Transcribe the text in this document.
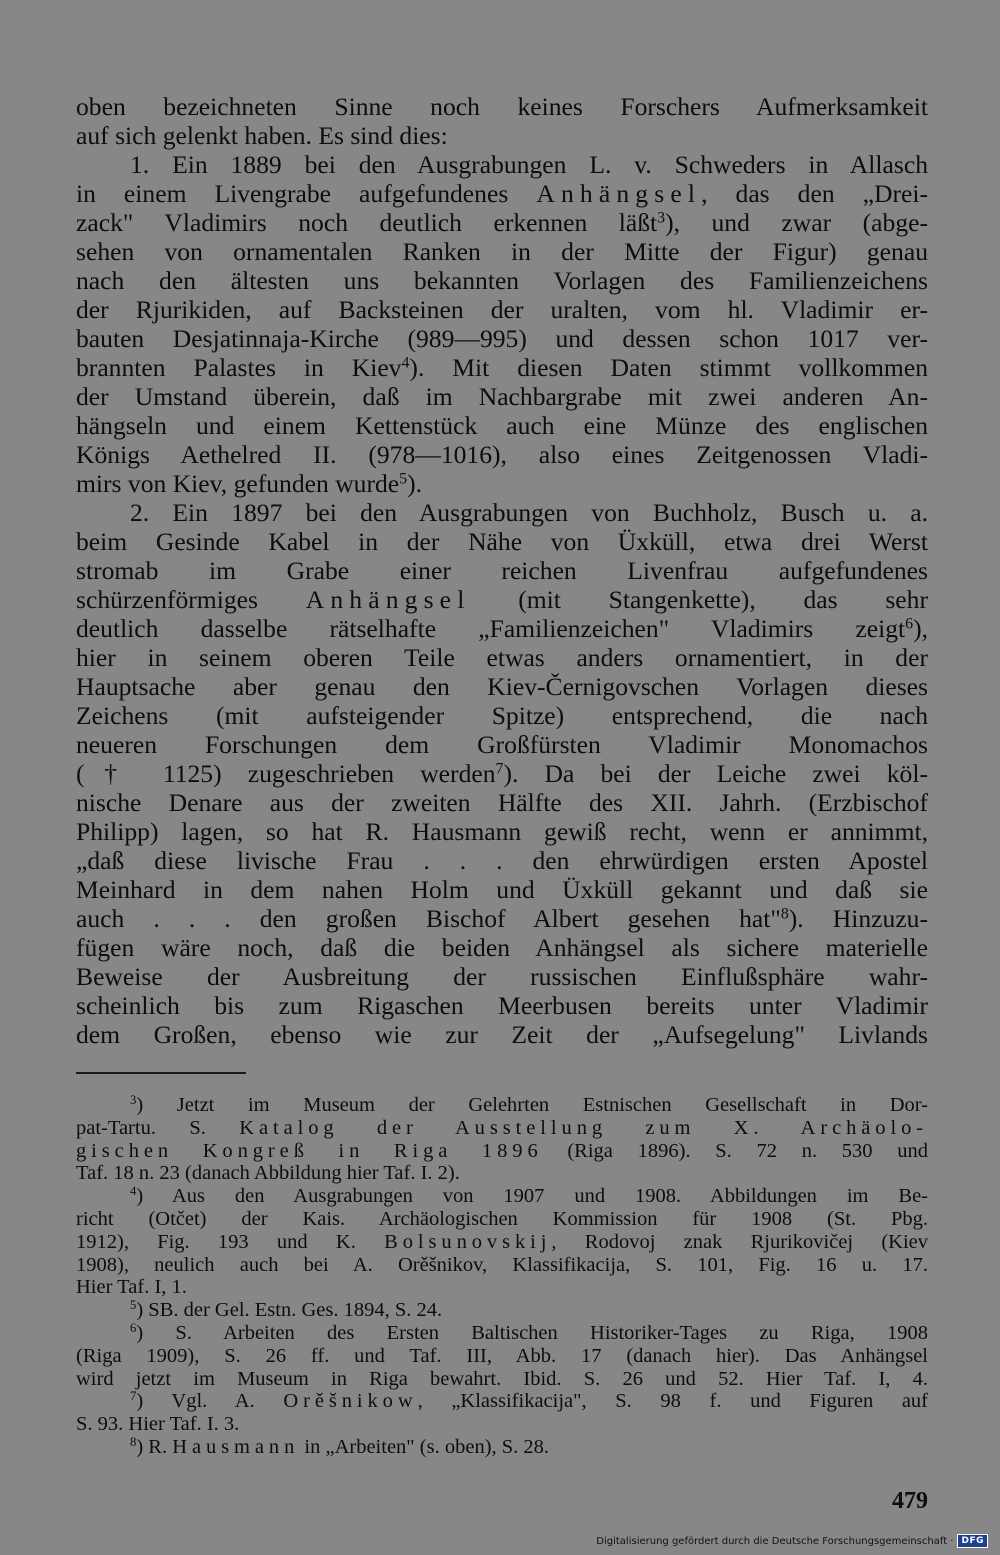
oben bezeichneten Sinne noch keines Forschers Aufmerksamkeit
auf sich gelenkt haben. Es sind dies:
1. Ein 1889 bei den Ausgrabungen L. v. Schweders in Allasch
in einem Livengrabe aufgefundenes Anhängsel, das den „Drei-
zack" Vladimirs noch deutlich erkennen läßt$^3$), und zwar (abge-
sehen von ornamentalen Ranken in der Mitte der Figur) genau
nach den ältesten uns bekannten Vorlagen des Familienzeichens
der Rjurikiden, auf Backsteinen der uralten, vom hl. Vladimir er-
bauten Desjatinnaja-Kirche (989—995) und dessen schon 1017 ver-
brannten Palastes in Kiev$^4$). Mit diesen Daten stimmt vollkommen
der Umstand überein, daß im Nachbargrabe mit zwei anderen An-
hängseln und einem Kettenstück auch eine Münze des englischen
Königs Aethelred II. (978—1016), also eines Zeitgenossen Vladi-
mirs von Kiev, gefunden wurde$^5$).
2. Ein 1897 bei den Ausgrabungen von Buchholz, Busch u. a.
beim Gesinde Kabel in der Nähe von Üxküll, etwa drei Werst
stromab im Grabe einer reichen Livenfrau aufgefundenes
schürzenförmiges Anhängsel (mit Stangenkette), das sehr
deutlich dasselbe rätselhafte „Familienzeichen" Vladimirs zeigt$^6$),
hier in seinem oberen Teile etwas anders ornamentiert, in der
Hauptsache aber genau den Kiev-Černigovschen Vorlagen dieses
Zeichens (mit aufsteigender Spitze) entsprechend, die nach
neueren Forschungen dem Großfürsten Vladimir Monomachos
(† 1125) zugeschrieben werden$^7$). Da bei der Leiche zwei köl-
nische Denare aus der zweiten Hälfte des XII. Jahrh. (Erzbischof
Philipp) lagen, so hat R. Hausmann gewiß recht, wenn er annimmt,
„daß diese livische Frau . . . den ehrwürdigen ersten Apostel
Meinhard in dem nahen Holm und Üxküll gekannt und daß sie
auch . . . den großen Bischof Albert gesehen hat"$^8$). Hinzuzu-
fügen wäre noch, daß die beiden Anhängsel als sichere materielle
Beweise der Ausbreitung der russischen Einflußsphäre wahr-
scheinlich bis zum Rigaschen Meerbusen bereits unter Vladimir
dem Großen, ebenso wie zur Zeit der „Aufsegelung" Livlands
$^3$) Jetzt im Museum der Gelehrten Estnischen Gesellschaft in Dor-
pat-Tartu. S. Katalog der Ausstellung zum X. Archäolo-
gischen Kongreß in Riga 1896 (Riga 1896). S. 72 n. 530 und
Taf. 18 n. 23 (danach Abbildung hier Taf. I. 2).
$^4$) Aus den Ausgrabungen von 1907 und 1908. Abbildungen im Be-
richt (Otčet) der Kais. Archäologischen Kommission für 1908 (St. Pbg.
1912), Fig. 193 und K. Bolsunovskij, Rodovoj znak Rjurikovičej (Kiev
1908), neulich auch bei A. Orěšnikov, Klassifikacija, S. 101, Fig. 16 u. 17.
Hier Taf. I, 1.
$^5$) SB. der Gel. Estn. Ges. 1894, S. 24.
$^6$) S. Arbeiten des Ersten Baltischen Historiker-Tages zu Riga, 1908
(Riga 1909), S. 26 ff. und Taf. III, Abb. 17 (danach hier). Das Anhängsel
wird jetzt im Museum in Riga bewahrt. Ibid. S. 26 und 52. Hier Taf. I, 4.
$^7$) Vgl. A. Orěšnikow, „Klassifikacija", S. 98 f. und Figuren auf
S. 93. Hier Taf. I. 3.
$^8$) R. Hausmann in „Arbeiten" (s. oben), S. 28.
479
Digitalisierung gefördert durch die Deutsche Forschungsgemeinschaft · DFG
